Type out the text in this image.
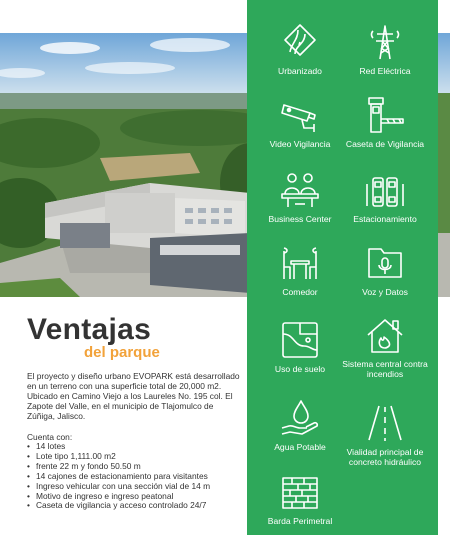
Urbanizado	Red Eléctrica
Video Vigilancia	Caseta de Vigilancia
Business Center	Estacionamiento
Comedor	Voz y Datos
Uso de suelo	Sistema central contra incendios
Agua Potable	Vialidad principal de concreto hidráulico
Barda Perimetral
Ventajas
del parque

El proyecto y diseño urbano EVOPARK está desarrollado en un terreno con una superficie total de 20,000 m2. Ubicado en Camino Viejo a los Laureles No. 195 col. El Zapote del Valle, en el municipio de Tlajomulco de Zúñiga, Jalisco.

Cuenta con:

• 14 lotes
• Lote tipo 1,111.00 m2
• frente 22 m y fondo 50.50 m
• 14 cajones de estacionamiento para visitantes
• Ingreso vehicular con una sección vial de 14 m
• Motivo de ingreso e ingreso peatonal
• Caseta de vigilancia y acceso controlado 24/7
